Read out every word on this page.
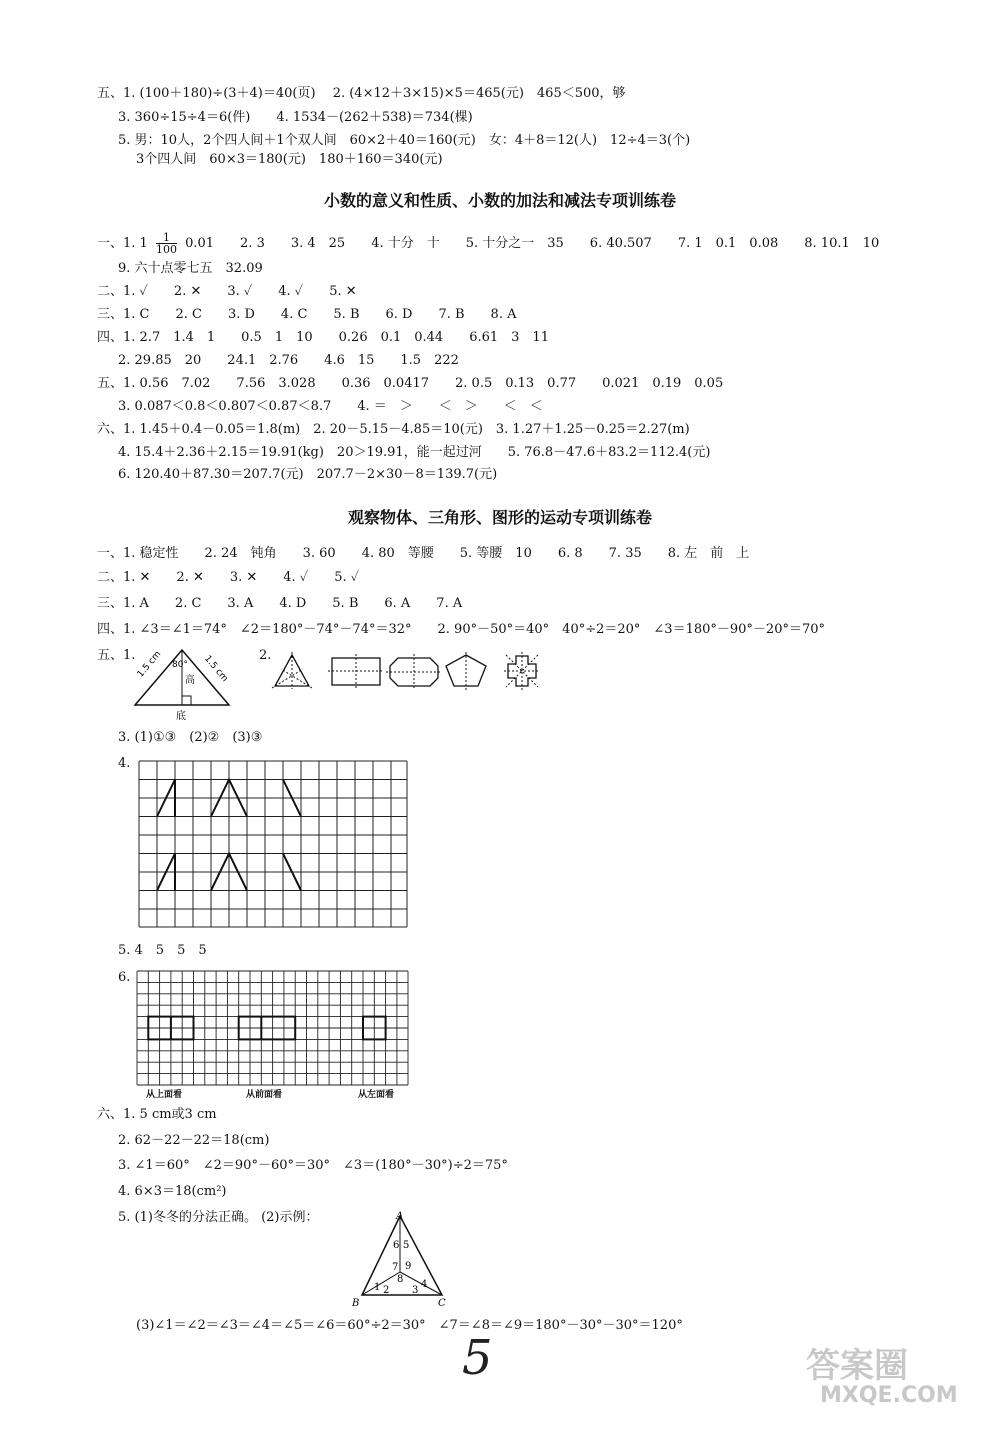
五、1. (100＋180)÷(3＋4)＝40(页)　 2. (4×12＋3×15)×5＝465(元)　465＜500，够
3. 360÷15÷4＝6(件)　　4. 1534－(262＋538)＝734(棵)
5. 男：10人，2个四人间＋1个双人间　60×2＋40＝160(元)　女：4＋8＝12(人)　12÷4＝3(个)
3个四人间　60×3＝180(元)　180＋160＝340(元)
小数的意义和性质、小数的加法和减法专项训练卷
一、1. $1 \frac{1}{100} 0.01$　　2. 3　　3. 4　25　　4. 十分　十　　5. 十分之一　35　　6. 40.507　　7. 1　0.1　0.08　　8. 10.1　10
9. 六十点零七五　32.09
二、1. ✓　　2. ✕　　3. ✓　　4. ✓　　5. ✕
三、1. C　　2. C　　3. D　　4. C　　5. B　　6. D　　7. B　　8. A
四、1. 2.7　1.4　1　　0.5　1　10　　0.26　0.1　0.44　　6.61　3　11
2. 29.85　20　　24.1　2.76　　4.6　15　　1.5　222
五、1. 0.56　7.02　　7.56　3.028　　0.36　0.0417　　2. 0.5　0.13　0.77　　0.021　0.19　0.05
3. 0.087＜0.8＜0.807＜0.87＜8.7　　4. ＝　＞　　＜　＞　　＜　＜
六、1. 1.45＋0.4－0.05＝1.8(m)　2. 20－5.15－4.85＝10(元)　3. 1.27＋1.25－0.25＝2.27(m)
4. 15.4＋2.36＋2.15＝19.91(kg)　20＞19.91，能一起过河　　5. 76.8－47.6＋83.2＝112.4(元)
6. 120.40＋87.30＝207.7(元)　207.7－2×30－8＝139.7(元)
观察物体、三角形、图形的运动专项训练卷
一、1. 稳定性　　2. 24　钝角　　3. 60　　4. 80　等腰　　5. 等腰　10　　6. 8　　7. 35　　8. 左　前　上
二、1. ✕　　2. ✕　　3. ✕　　4. ✓　　5. ✓
三、1. A　　2. C　　3. A　　4. D　　5. B　　6. A　　7. A
四、1. ∠3＝∠1＝74°　∠2＝180°－74°－74°＝32°　　2. 90°－50°＝40°　40°÷2＝20°　∠3＝180°－90°－20°＝70°
五、1. 1.5 cm	1.5 cm
80°
高
底
2.
3. (1)①③　(2)②　(3)③
4.
5. 4　5　5　5
6.
从上面看	从前面看	从左面看
六、1. 5 cm或3 cm
2. 62－22－22＝18(cm)
3. ∠1＝60°　∠2＝90°－60°＝30°　∠3＝(180°－30°)÷2＝75°
4. 6×3＝18(cm²)
5. (1)冬冬的分法正确。 (2)示例：
6 5
7 9
8
1 2 3
4
A
B	C
(3)∠1＝∠2＝∠3＝∠4＝∠5＝∠6＝60°÷2＝30°　∠7＝∠8＝∠9＝180°－30°－30°＝120°
5	答案圈
MXQE.COM
